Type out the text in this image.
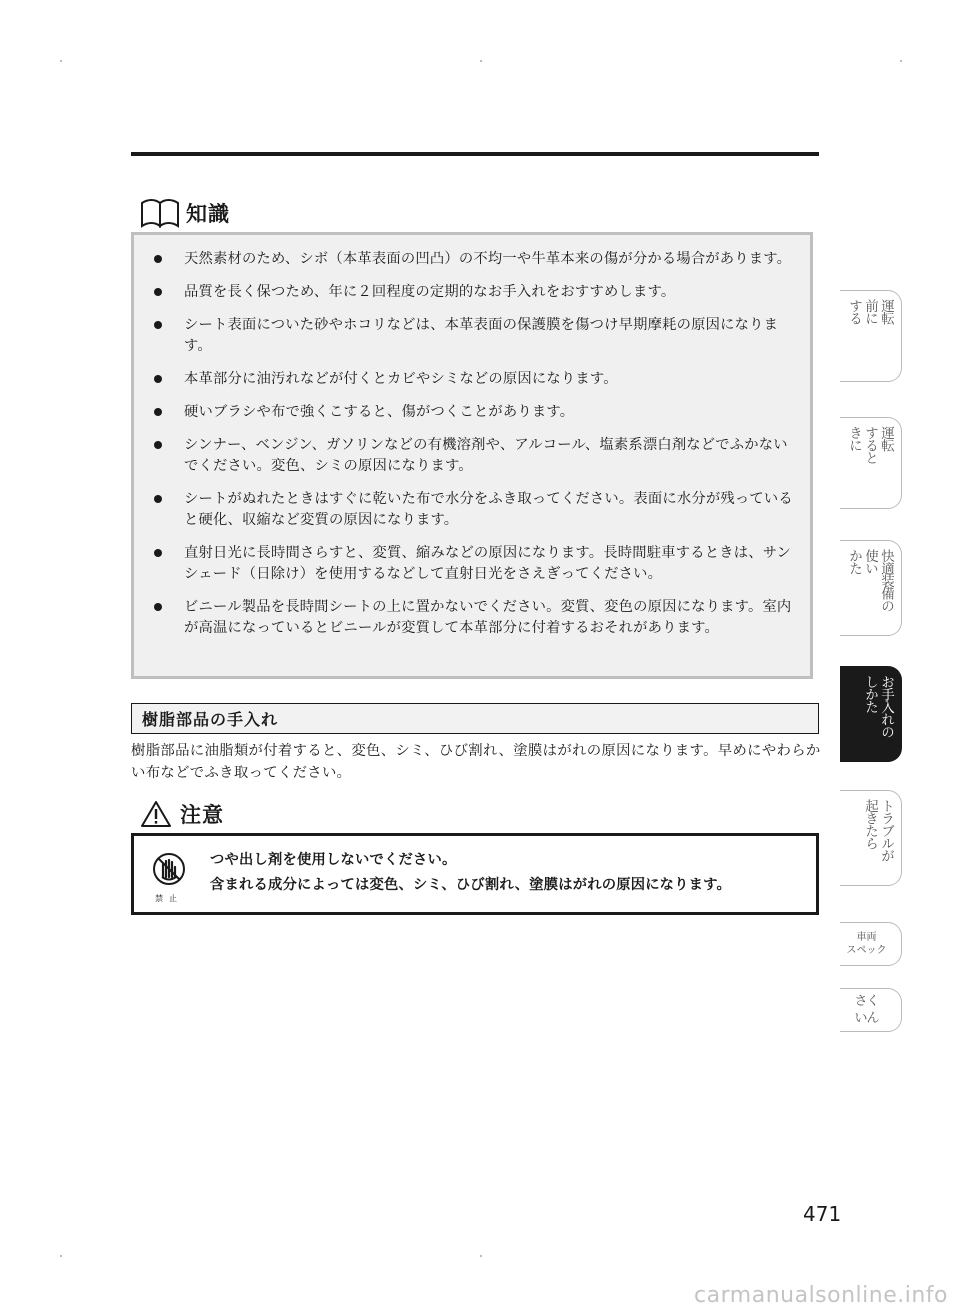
知識
天然素材のため、シボ（本革表面の凹凸）の不均一や牛革本来の傷が分かる場合があります。
品質を長く保つため、年に２回程度の定期的なお手入れをおすすめします。
シート表面についた砂やホコリなどは、本革表面の保護膜を傷つけ早期摩耗の原因になります。
本革部分に油汚れなどが付くとカビやシミなどの原因になります。
硬いブラシや布で強くこすると、傷がつくことがあります。
シンナー、ベンジン、ガソリンなどの有機溶剤や、アルコール、塩素系漂白剤などでふかないでください。変色、シミの原因になります。
シートがぬれたときはすぐに乾いた布で水分をふき取ってください。表面に水分が残っていると硬化、収縮など変質の原因になります。
直射日光に長時間さらすと、変質、縮みなどの原因になります。長時間駐車するときは、サンシェード（日除け）を使用するなどして直射日光をさえぎってください。
ビニール製品を長時間シートの上に置かないでください。変質、変色の原因になります。室内が高温になっているとビニールが変質して本革部分に付着するおそれがあります。
樹脂部品の手入れ
樹脂部品に油脂類が付着すると、変色、シミ、ひび割れ、塗膜はがれの原因になります。早めにやわらかい布などでふき取ってください。
注意
禁止
つや出し剤を使用しないでください。
含まれる成分によっては変色、シミ、ひび割れ、塗膜はがれの原因になります。
運転
前に
する
運転
すると
きに
快適装備の
使い
かた
お手入れの
しかた
トラブルが
起きたら
車両
スペック
さく
いん
471
carmanualsonline.info
